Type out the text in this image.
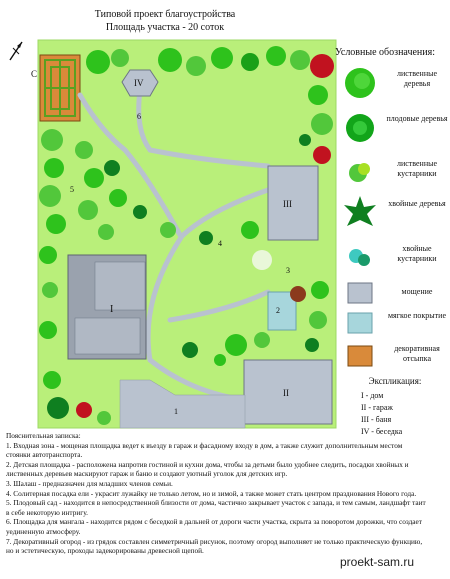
Типовой проект благоустройства
Площадь участка - 20 соток
С
IV
6
III
I	2
II
1
3
4
5
Условные обозначения:
лиственные деревья
плодовые деревья
лиственные кустарники
хвойные деревья
хвойные кустарники
мощение
мягкое покрытие
декоративная отсыпка
Экспликация:
I - дом
II - гараж
III - баня
IV - беседка

Пояснительная записка:

1. Входная зона - мощеная площадка ведет к въезду в гараж и фасадному входу в дом, а также служит дополнительным местом стоянки автотранспорта.

2. Детская площадка - расположена напротив гостиной и кухни дома, чтобы за детьми было удобнее следить, посадки хвойных и лиственных деревьев маскируют гараж и баню и создают уютный уголок для детских игр.

3. Шалаш - предназначен для младших членов семьи.

4. Солитерная посадка ели - украсит лужайку не только летом, но и зимой, а также может стать центром празднования Нового года.

5. Плодовый сад - находится в непосредственной близости от дома, частично закрывает участок с запада, и тем самым, ландшафт таит в себе некоторую интригу.

6. Площадка для мангала - находится рядом с беседкой в дальней от дороги части участка, скрыта за поворотом дорожки, что создает уединенную атмосферу.

7. Декоративный огород - из грядок составлен симметричный рисунок, поэтому огород выполняет не только практическую функцию, но и эстетическую, проходы задекорированы древесной щепой.

proekt-sam.ru
